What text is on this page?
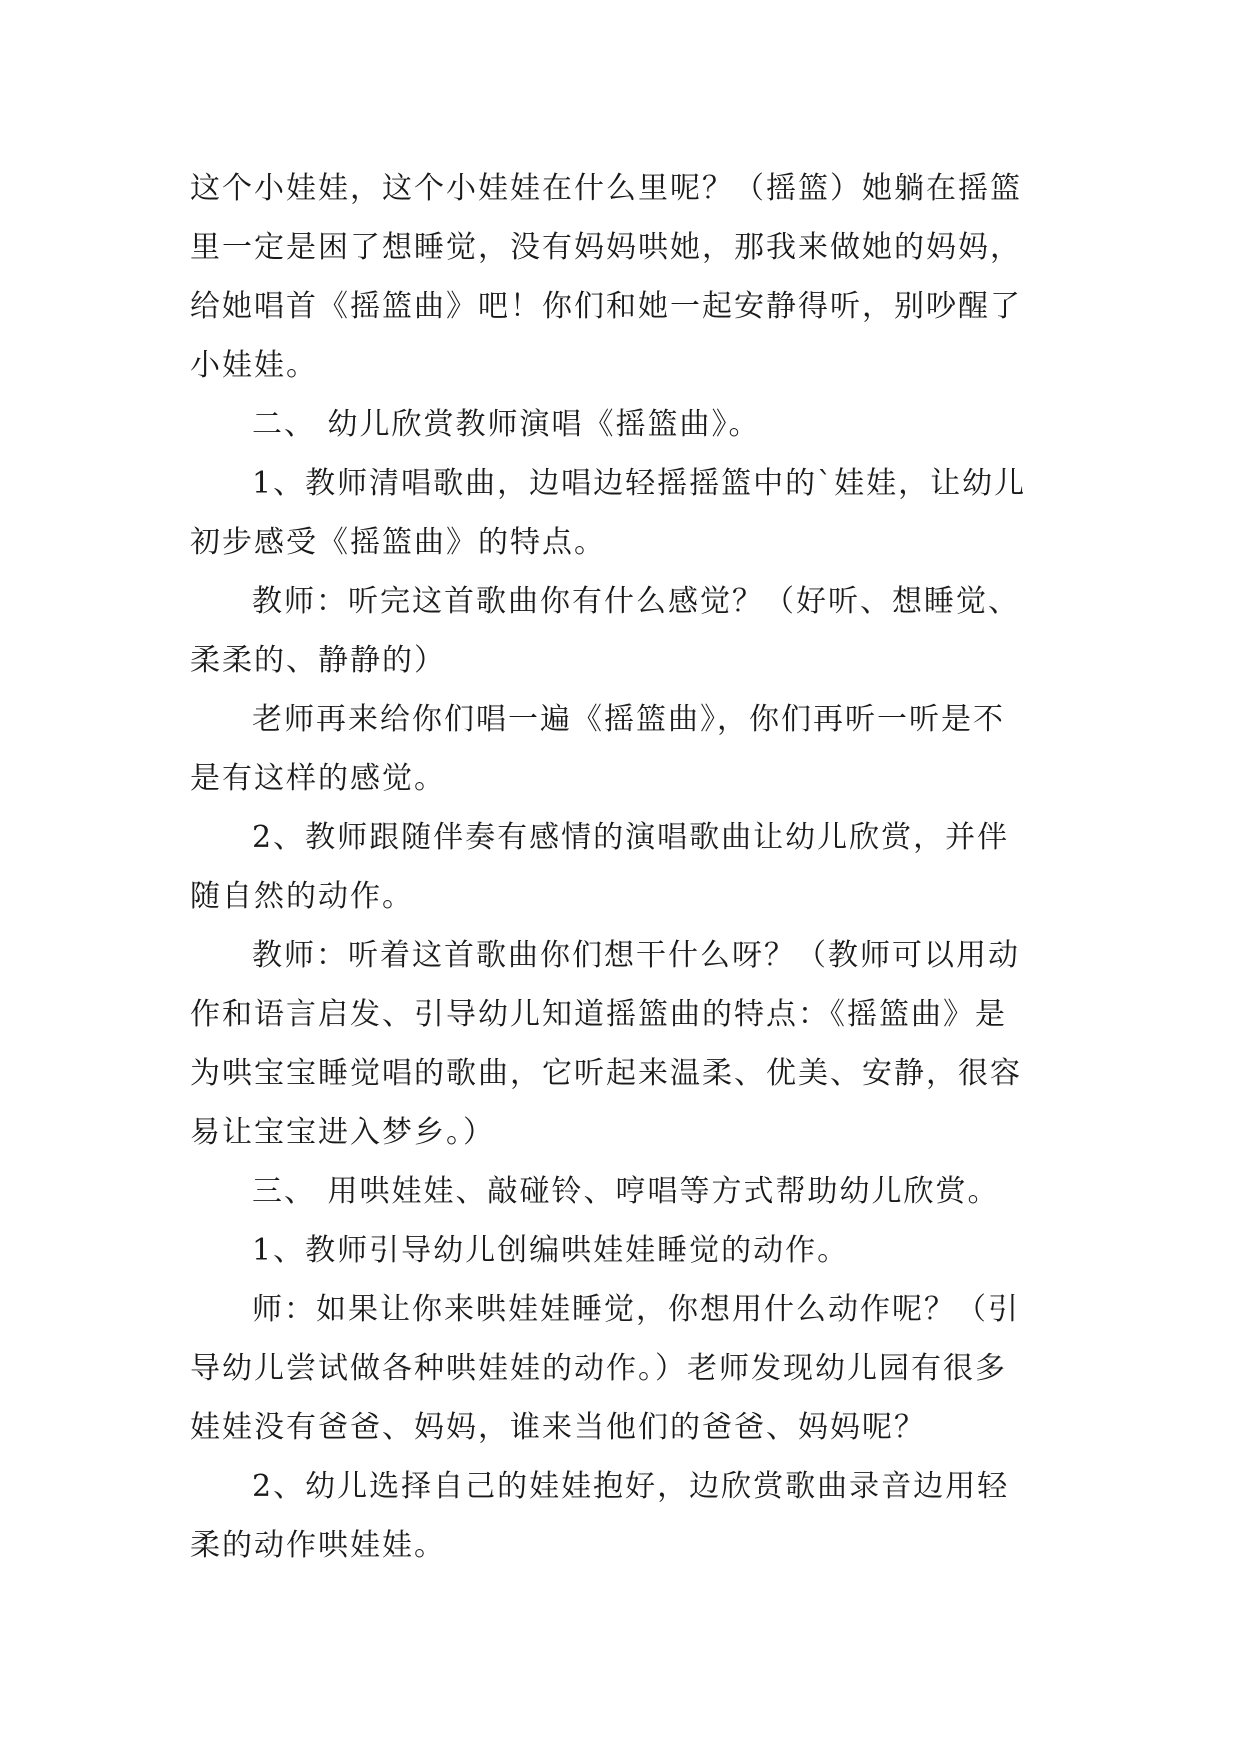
这个小娃娃，这个小娃娃在什么里呢？（摇篮）她躺在摇篮
里一定是困了想睡觉，没有妈妈哄她，那我来做她的妈妈，
给她唱首《摇篮曲》吧！你们和她一起安静得听，别吵醒了
小娃娃。
二、 幼儿欣赏教师演唱《摇篮曲》。
1、教师清唱歌曲，边唱边轻摇摇篮中的`娃娃，让幼儿
初步感受《摇篮曲》的特点。
教师：听完这首歌曲你有什么感觉？（好听、想睡觉、
柔柔的、静静的）
老师再来给你们唱一遍《摇篮曲》，你们再听一听是不
是有这样的感觉。
2、教师跟随伴奏有感情的演唱歌曲让幼儿欣赏，并伴
随自然的动作。
教师：听着这首歌曲你们想干什么呀？（教师可以用动
作和语言启发、引导幼儿知道摇篮曲的特点：《摇篮曲》是
为哄宝宝睡觉唱的歌曲，它听起来温柔、优美、安静，很容
易让宝宝进入梦乡。）
三、 用哄娃娃、敲碰铃、哼唱等方式帮助幼儿欣赏。
1、教师引导幼儿创编哄娃娃睡觉的动作。
师：如果让你来哄娃娃睡觉，你想用什么动作呢？（引
导幼儿尝试做各种哄娃娃的动作。）老师发现幼儿园有很多
娃娃没有爸爸、妈妈，谁来当他们的爸爸、妈妈呢？
2、幼儿选择自己的娃娃抱好，边欣赏歌曲录音边用轻
柔的动作哄娃娃。
